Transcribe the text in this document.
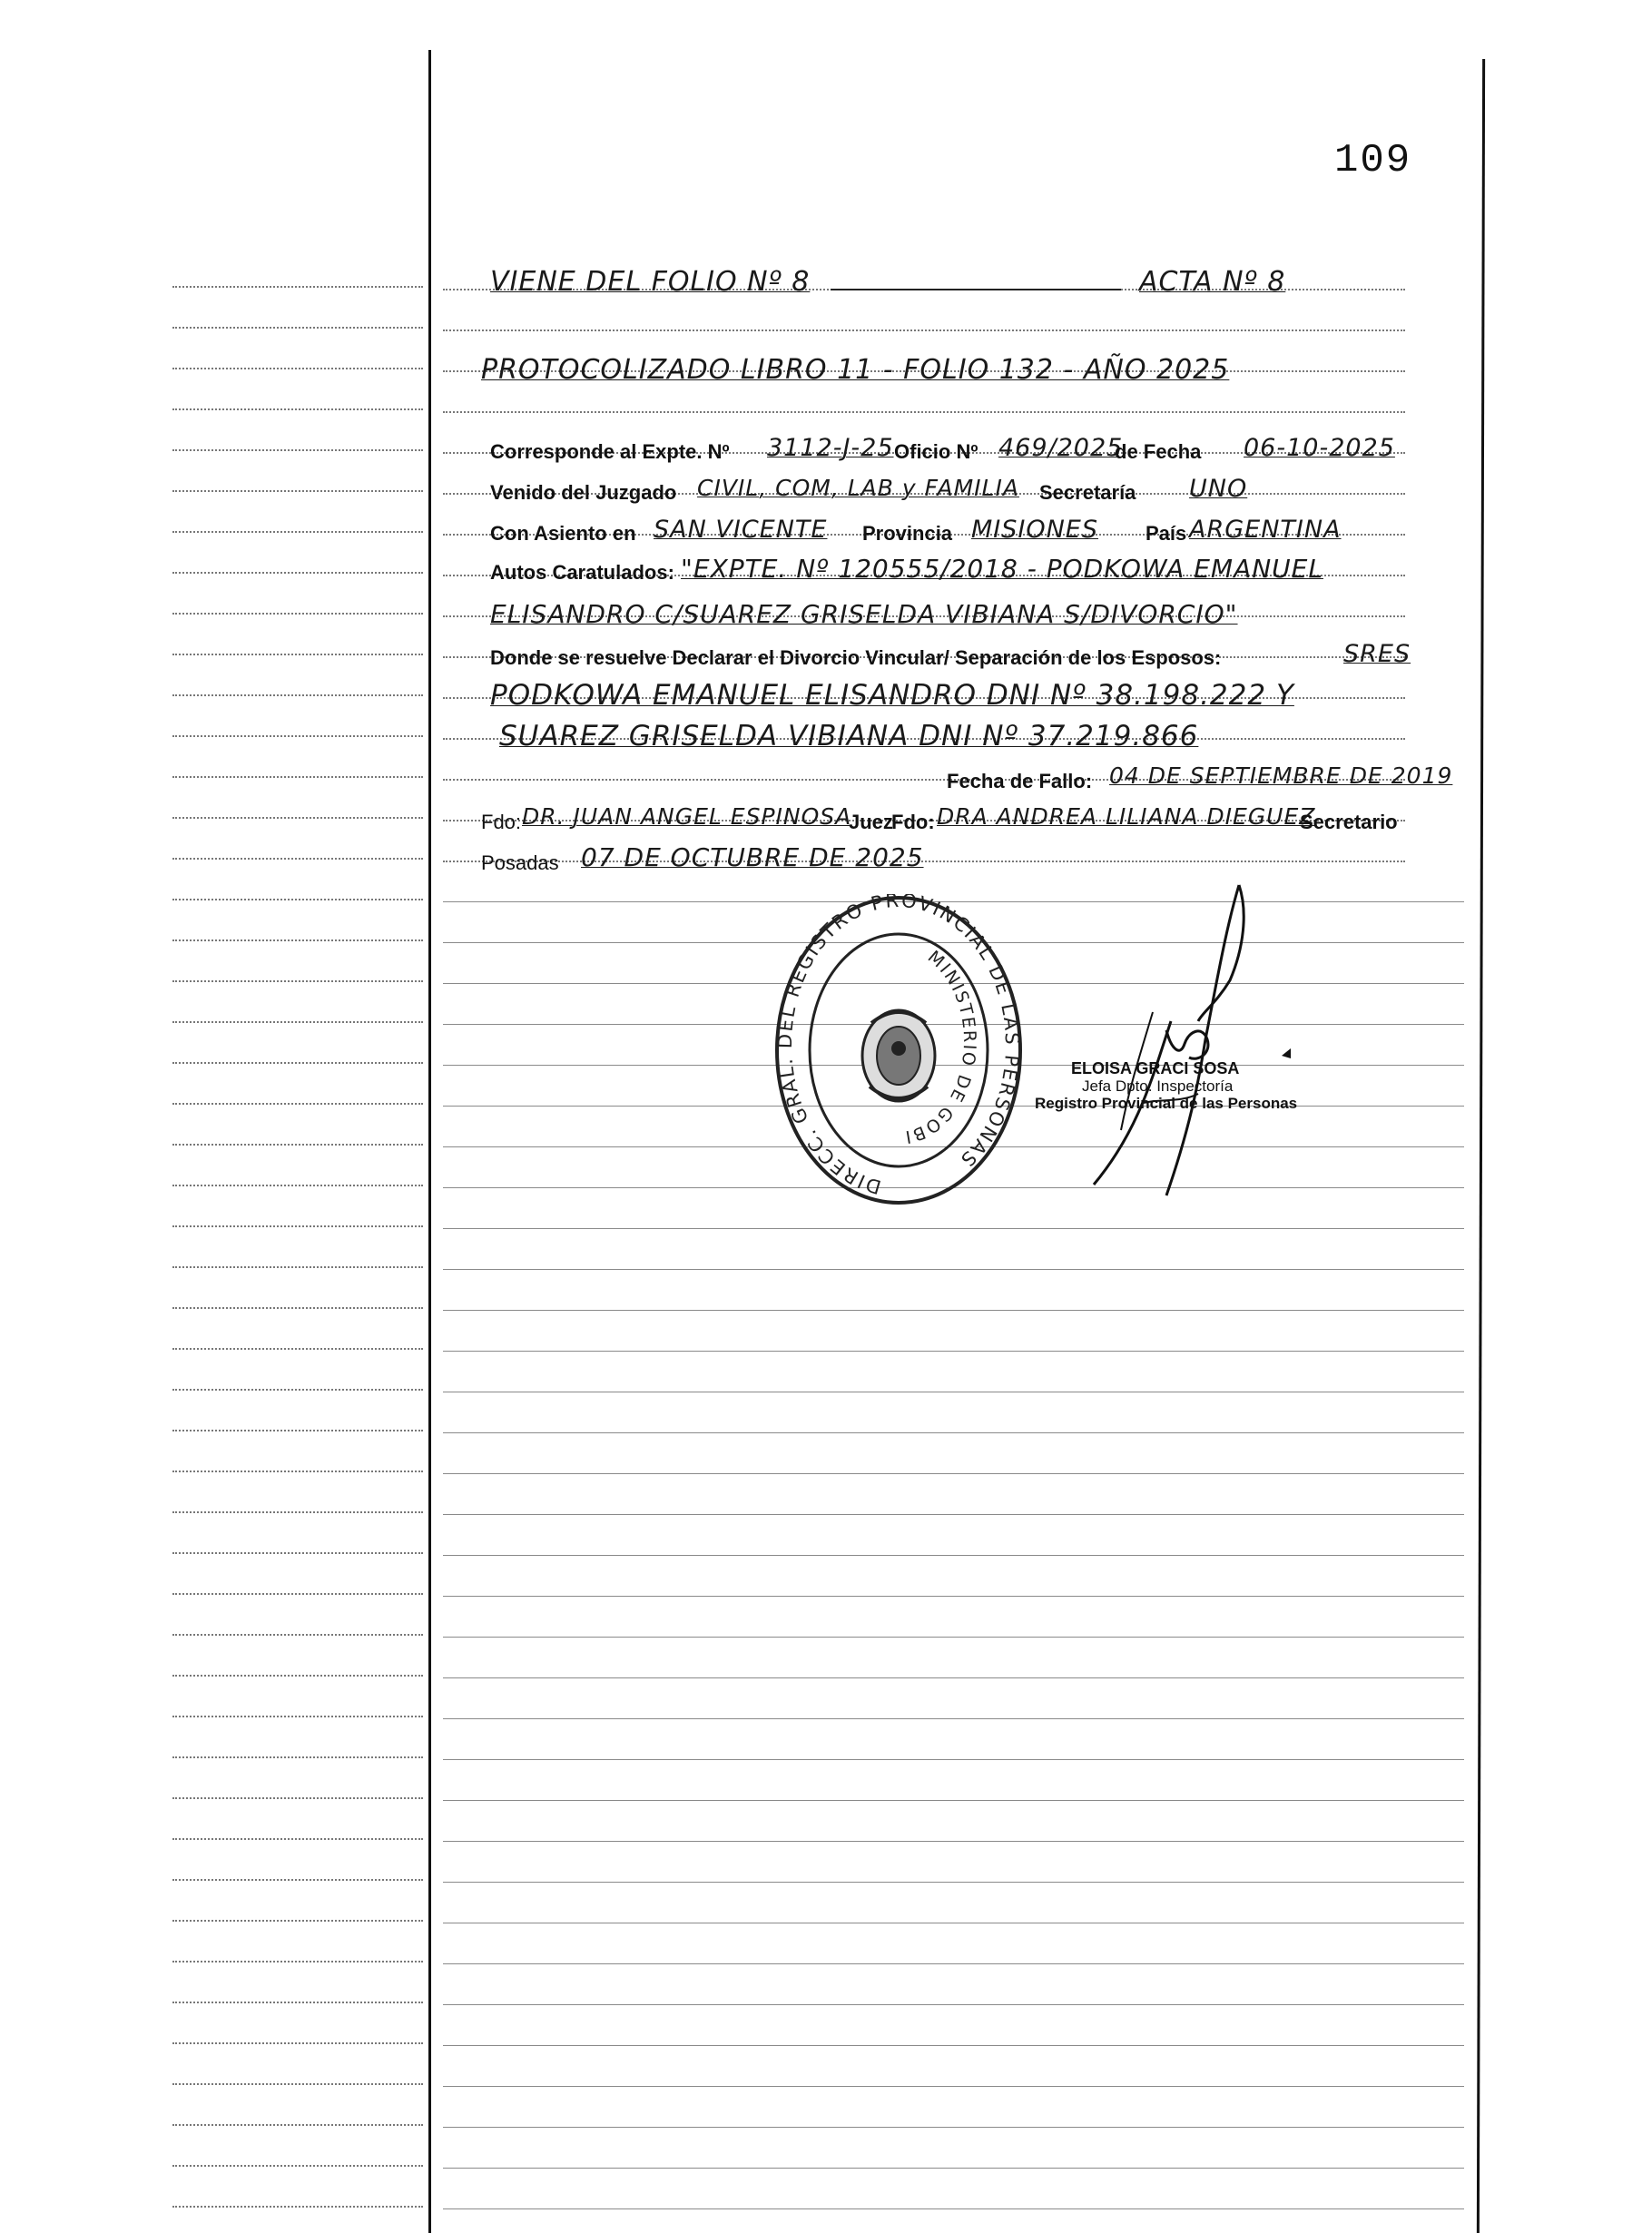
109
VIENE DEL FOLIO Nº 8	ACTA Nº 8
PROTOCOLIZADO LIBRO 11 - FOLIO 132 - AÑO 2025
Corresponde al Expte. Nº 3112-J-25 Oficio Nº 469/2025
de Fecha 06-10-2025
Venido del Juzgado CIVIL, COM, LAB y FAMILIA Secretaría UNO
Con Asiento en SAN VICENTE Provincia MISIONES País ARGENTINA
Autos Caratulados: "EXPTE. Nº 120555/2018 - PODKOWA EMANUEL
ELISANDRO C/SUAREZ GRISELDA VIBIANA S/DIVORCIO"
Donde se resuelve Declarar el Divorcio Vincular/ Separación de los Esposos:	SRES
PODKOWA EMANUEL ELISANDRO DNI Nº 38.198.222 Y
SUAREZ GRISELDA VIBIANA DNI Nº 37.219.866
Fecha de Fallo: 04 DE SEPTIEMBRE DE 2019
Fdo: DR. JUAN ANGEL ESPINOSA
Juez
Fdo: DRA ANDREA LILIANA DIEGUEZ
Secretario
Posadas 07 DE OCTUBRE DE 2025
DIRECC. GRAL. DEL REGISTRO PROVINCIAL DE LAS PERSONAS
MINISTERIO DE GOBI
ELOISA GRACI SOSA
Jefa Dpto. Inspectoría
Registro Provincial de las Personas
